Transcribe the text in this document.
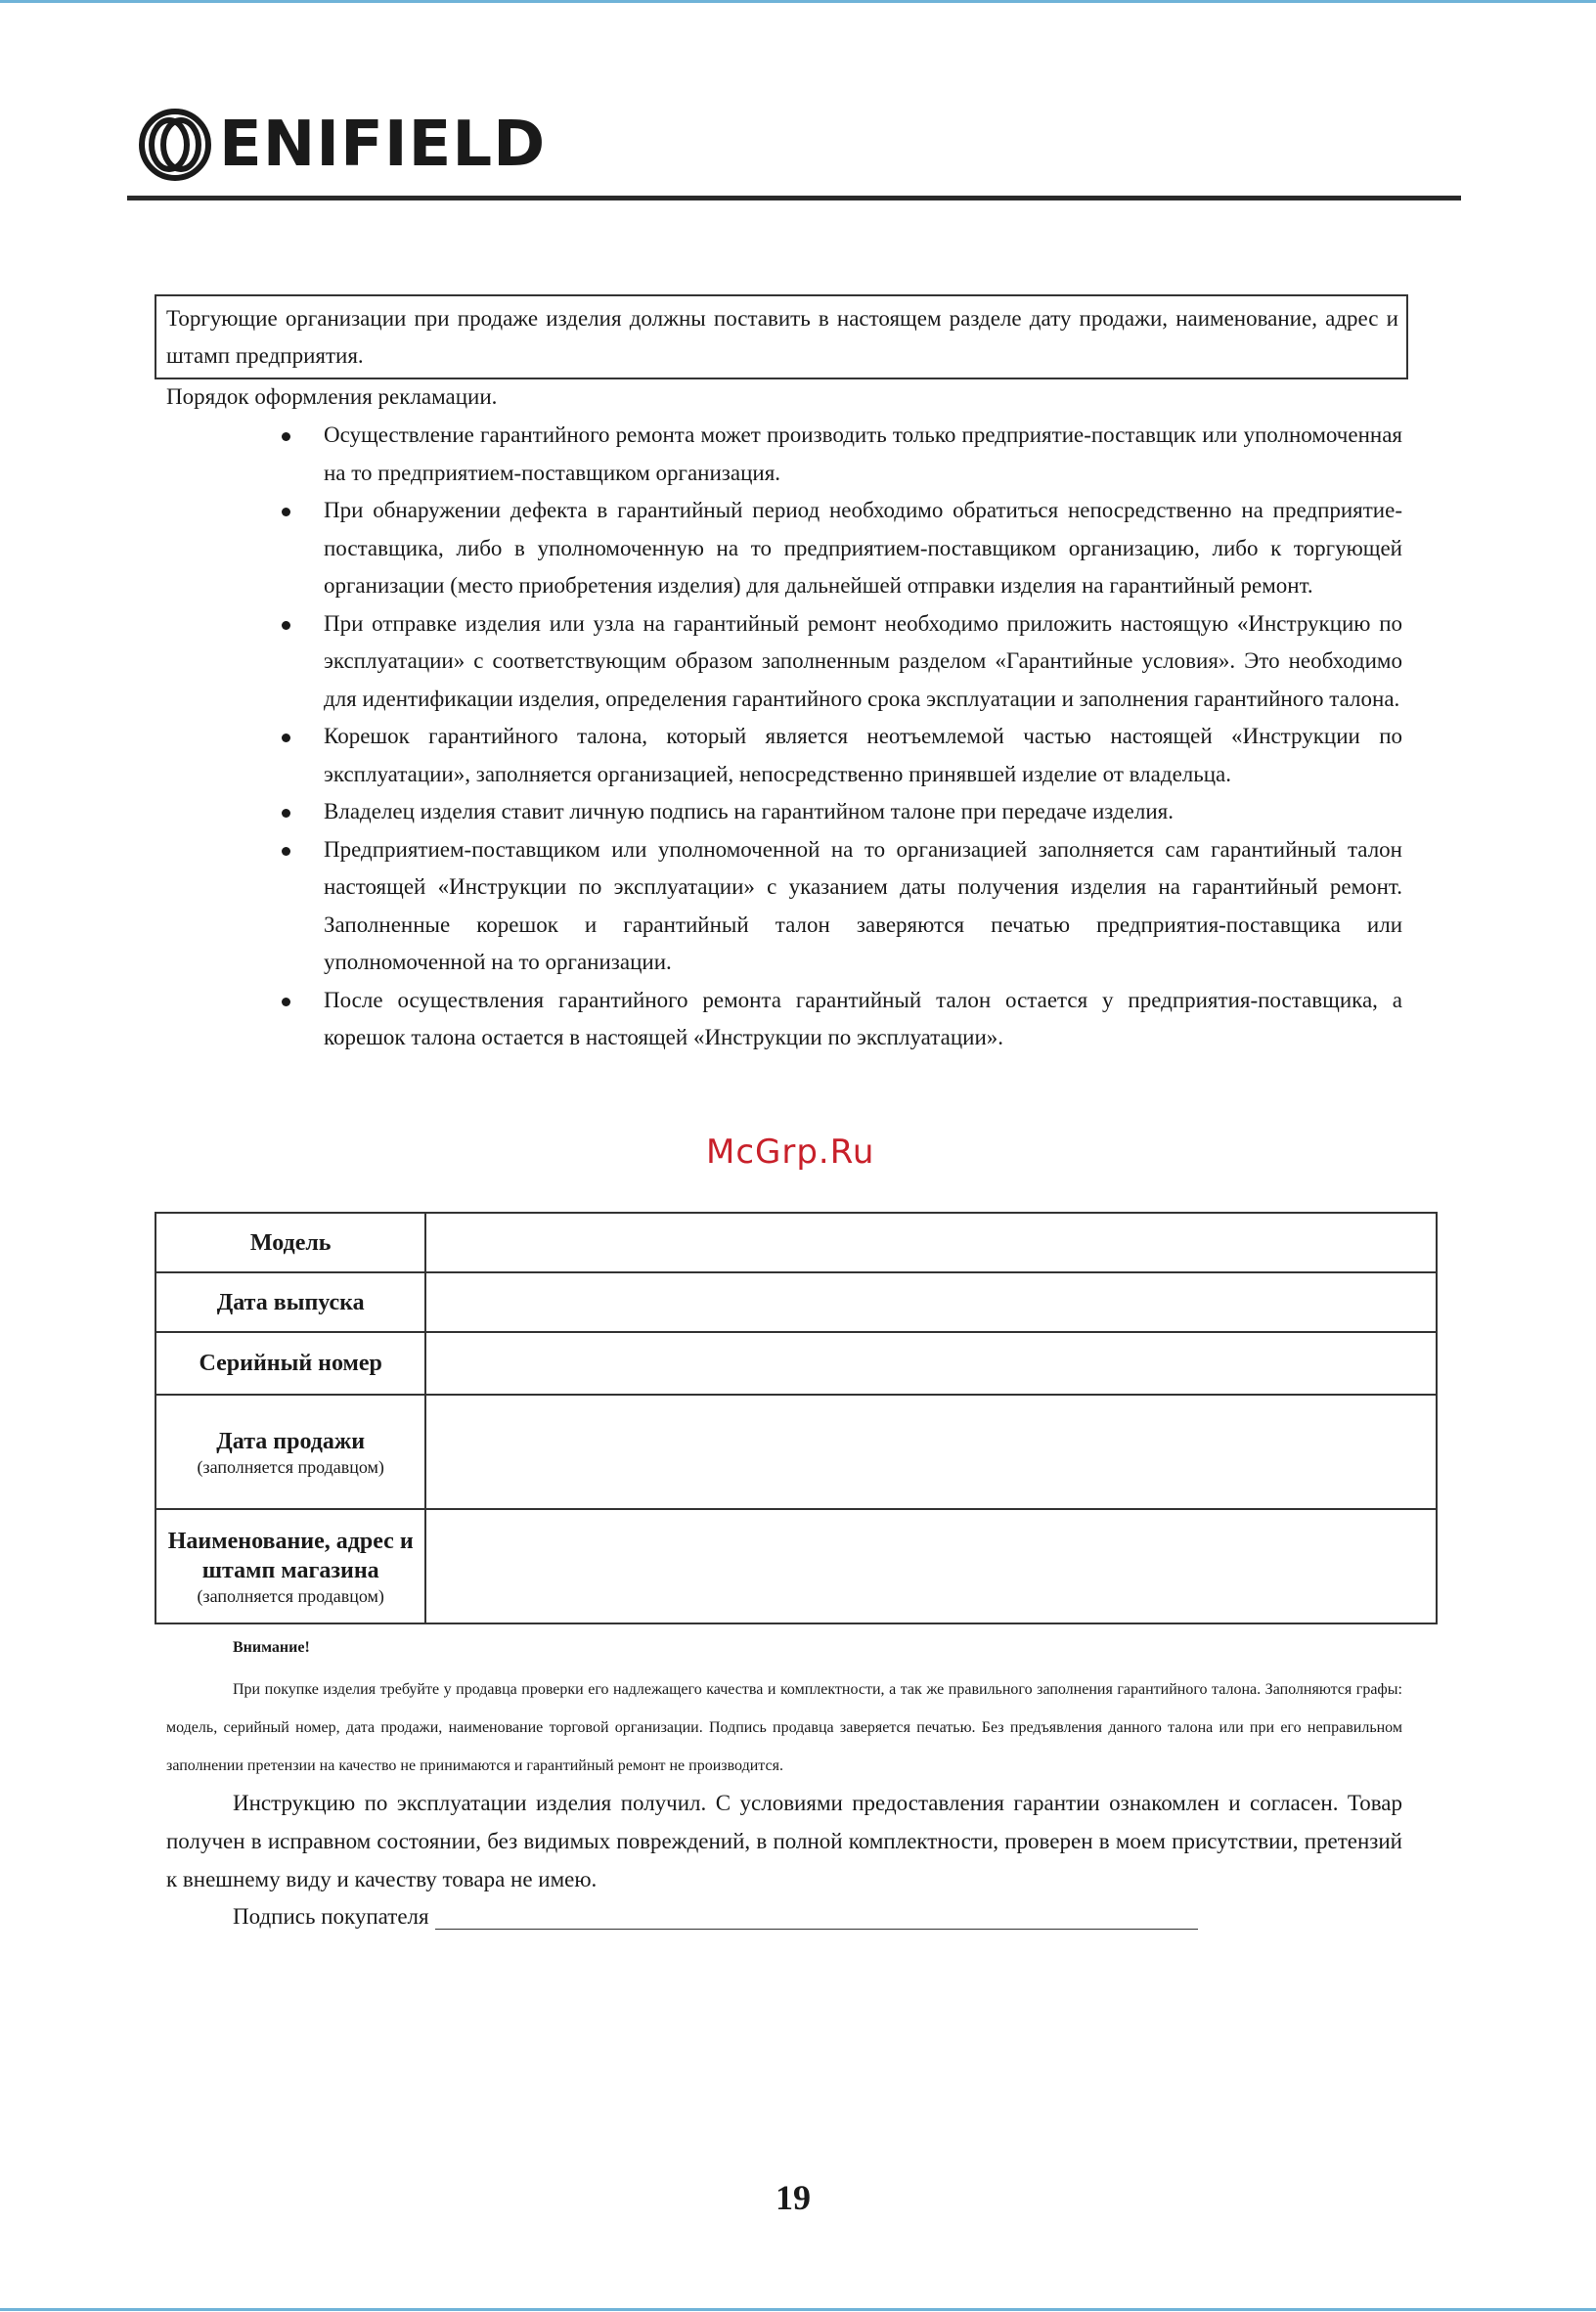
ENIFIELD
Торгующие организации при продаже изделия должны поставить в настоящем разделе дату продажи, наименование, адрес и штамп предприятия.
Порядок оформления рекламации.
Осуществление гарантийного ремонта может производить только предприятие-поставщик или уполномоченная на то предприятием-поставщиком организация.
При обнаружении дефекта в гарантийный период необходимо обратиться непосредственно на предприятие-поставщика, либо в уполномоченную на то предприятием-поставщиком организацию, либо к торгующей организации (место приобретения изделия) для дальнейшей отправки изделия на гарантийный ремонт.
При отправке изделия или узла на гарантийный ремонт необходимо приложить настоящую «Инструкцию по эксплуатации» с соответствующим образом заполненным разделом «Гарантийные условия». Это необходимо для идентификации изделия, определения гарантийного срока эксплуатации и заполнения гарантийного талона.
Корешок гарантийного талона, который является неотъемлемой частью настоящей «Инструкции по эксплуатации», заполняется организацией, непосредственно принявшей изделие от владельца.
Владелец изделия ставит личную подпись на гарантийном талоне при передаче изделия.
Предприятием-поставщиком или уполномоченной на то организацией заполняется сам гарантийный талон настоящей «Инструкции по эксплуатации» с указанием даты получения изделия на гарантийный ремонт. Заполненные корешок и гарантийный талон заверяются печатью предприятия-поставщика или уполномоченной на то организации.
После осуществления гарантийного ремонта гарантийный талон остается у предприятия-поставщика, а корешок талона остается в настоящей «Инструкции по эксплуатации».
McGrp.Ru
Модель	
Дата выпуска	
Серийный номер	
Дата продажи
(заполняется продавцом)	

Наименование, адрес и штамп магазина
(заполняется продавцом)	

Внимание!
При покупке изделия требуйте у продавца проверки его надлежащего качества и комплектности, а так же правильного заполнения гарантийного талона. Заполняются графы: модель, серийный номер, дата продажи, наименование торговой организации. Подпись продавца заверяется печатью. Без предъявления данного талона или при его неправильном заполнении претензии на качество не принимаются и гарантийный ремонт не производится.
Инструкцию по эксплуатации изделия получил. С условиями предоставления гарантии ознакомлен и согласен. Товар получен в исправном состоянии, без видимых повреждений, в полной комплектности, проверен в моем присутствии, претензий к внешнему виду и качеству товара не имею.
Подпись покупателя
19
